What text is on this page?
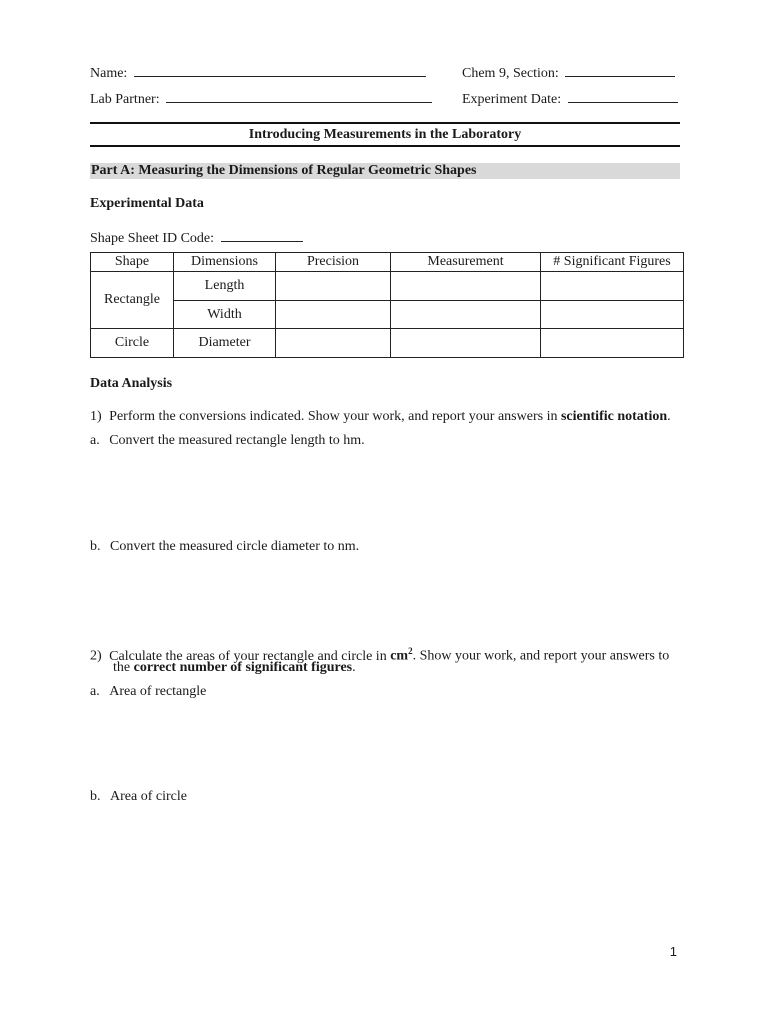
Name:	Chem 9, Section:
Lab Partner:	Experiment Date:
Introducing Measurements in the Laboratory
Part A: Measuring the Dimensions of Regular Geometric Shapes
Experimental Data
Shape Sheet ID Code:
Shape	Dimensions	Precision	Measurement	# Significant Figures
Rectangle	Length			
	Width			
Circle	Diameter			
Data Analysis
1) Perform the conversions indicated. Show your work, and report your answers in scientific notation.
a. Convert the measured rectangle length to hm.
b. Convert the measured circle diameter to nm.
2) Calculate the areas of your rectangle and circle in $cm^2$. Show your work, and report your answers to
the correct number of significant figures.
a. Area of rectangle
b. Area of circle
1
